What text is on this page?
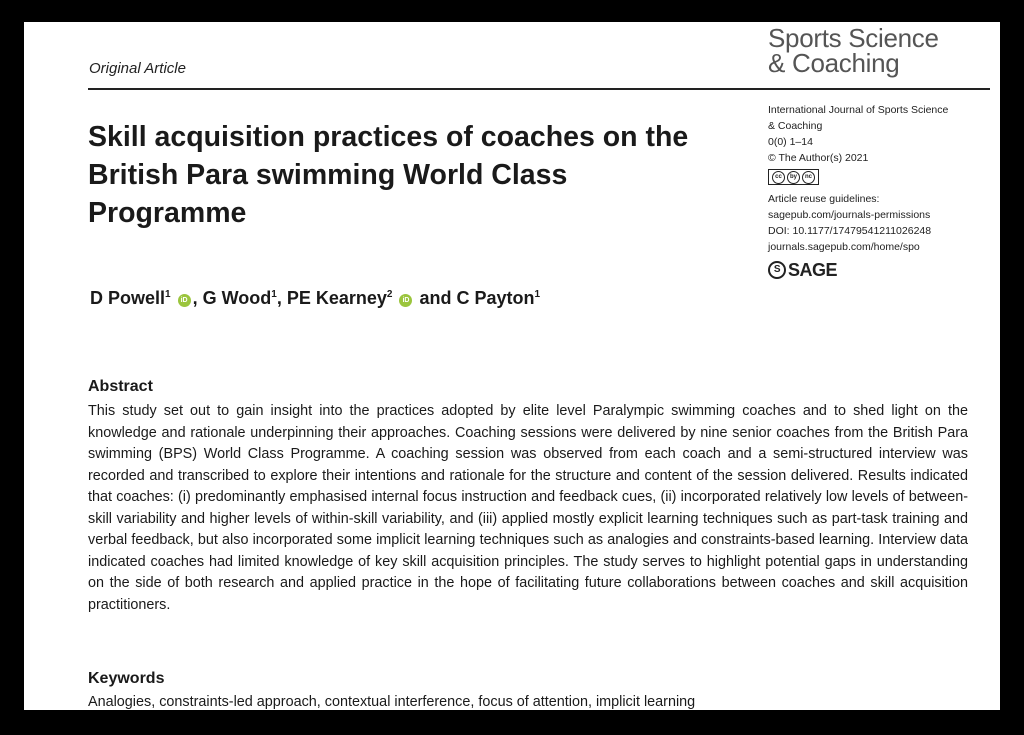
Original Article
Sports Science
& Coaching
Skill acquisition practices of coaches on the British Para swimming World Class Programme
International Journal of Sports Science
& Coaching
0(0) 1–14
© The Author(s) 2021
cc	by	nc
Article reuse guidelines:
sagepub.com/journals-permissions
DOI: 10.1177/17479541211026248
journals.sagepub.com/home/spo
S SAGE
D Powell$^1$ iD , G Wood$^1$, PE Kearney$^2$ iD and C Payton$^1$
Abstract
This study set out to gain insight into the practices adopted by elite level Paralympic swimming coaches and to shed light on the knowledge and rationale underpinning their approaches. Coaching sessions were delivered by nine senior coaches from the British Para swimming (BPS) World Class Programme. A coaching session was observed from each coach and a semi-structured interview was recorded and transcribed to explore their intentions and rationale for the structure and content of the session delivered. Results indicated that coaches: (i) predominantly emphasised internal focus instruction and feedback cues, (ii) incorporated relatively low levels of between-skill variability and higher levels of within-skill variability, and (iii) applied mostly explicit learning techniques such as part-task training and verbal feedback, but also incorporated some implicit learning techniques such as analogies and constraints-based learning. Interview data indicated coaches had limited knowledge of key skill acquisition principles. The study serves to highlight potential gaps in understanding on the side of both research and applied practice in the hope of facilitating future collaborations between coaches and skill acquisition practitioners.
Keywords
Analogies, constraints-led approach, contextual interference, focus of attention, implicit learning
